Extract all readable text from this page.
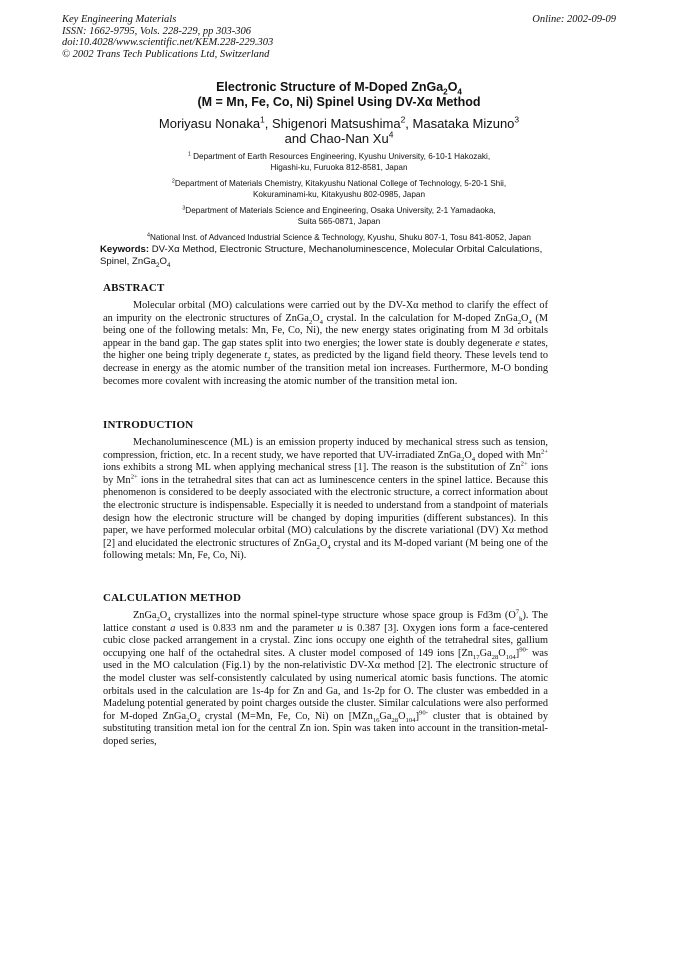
Key Engineering Materials
ISSN: 1662-9795, Vols. 228-229, pp 303-306
doi:10.4028/www.scientific.net/KEM.228-229.303
© 2002 Trans Tech Publications Ltd, Switzerland
Online: 2002-09-09
Electronic Structure of M-Doped $ZnGa_2O_4$
(M = Mn, Fe, Co, Ni) Spinel Using DV-Xα Method
Moriyasu Nonaka$^1$, Shigenori Matsushima$^2$, Masataka Mizuno$^3$
and Chao-Nan Xu$^4$
$^1$ Department of Earth Resources Engineering, Kyushu University, 6-10-1 Hakozaki,
Higashi-ku, Furuoka 812-8581, Japan
$^2$Department of Materials Chemistry, Kitakyushu National College of Technology, 5-20-1 Shii,
Kokuraminami-ku, Kitakyushu 802-0985, Japan
$^3$Department of Materials Science and Engineering, Osaka University, 2-1 Yamadaoka,
Suita 565-0871, Japan
$^4$National Inst. of Advanced Industrial Science & Technology, Kyushu, Shuku 807-1, Tosu 841-8052, Japan
Keywords: DV-Xα Method, Electronic Structure, Mechanoluminescence, Molecular Orbital Calculations, Spinel, $ZnGa_2O_4$
ABSTRACT

Molecular orbital (MO) calculations were carried out by the DV-Xα method to clarify the effect of an impurity on the electronic structures of $ZnGa_2O_4$ crystal. In the calculation for M-doped $ZnGa_2O_4$ (M being one of the following metals: Mn, Fe, Co, Ni), the new energy states originating from M 3d orbitals appear in the band gap. The gap states split into two energies; the lower state is doubly degenerate e states, the higher one being triply degenerate $t_2$ states, as predicted by the ligand field theory. These levels tend to decrease in energy as the atomic number of the transition metal ion increases. Furthermore, M-O bonding becomes more covalent with increasing the atomic number of the transition metal ion.

INTRODUCTION

Mechanoluminescence (ML) is an emission property induced by mechanical stress such as tension, compression, friction, etc. In a recent study, we have reported that UV-irradiated $ZnGa_2O_4$ doped with $Mn^{2+}$ ions exhibits a strong ML when applying mechanical stress [1]. The reason is the substitution of $Zn^{2+}$ ions by $Mn^{2+}$ ions in the tetrahedral sites that can act as luminescence centers in the spinel lattice. Because this phenomenon is considered to be deeply associated with the electronic structure, a correct information about the electronic structure is indispensable. Especially it is needed to understand from a standpoint of materials design how the electronic structure will be changed by doping impurities (different substances). In this paper, we have performed molecular orbital (MO) calculations by the discrete variational (DV) Xα method [2] and elucidated the electronic structures of $ZnGa_2O_4$ crystal and its M-doped variant (M being one of the following metals: Mn, Fe, Co, Ni).

CALCULATION METHOD

$ZnGa_2O_4$ crystallizes into the normal spinel-type structure whose space group is Fd3m $(O^7_h)$. The lattice constant a used is 0.833 nm and the parameter u is 0.387 [3]. Oxygen ions form a face-centered cubic close packed arrangement in a crystal. Zinc ions occupy one eighth of the tetrahedral sites, gallium occupying one half of the octahedral sites. A cluster model composed of 149 ions $[Zn_{17}Ga_{28}O_{104}]^{90-}$ was used in the MO calculation (Fig.1) by the non-relativistic DV-Xα method [2]. The electronic structure of the model cluster was self-consistently calculated by using numerical atomic basis functions. The atomic orbitals used in the calculation are 1s-4p for Zn and Ga, and 1s-2p for O. The cluster was embedded in a Madelung potential generated by point charges outside the cluster. Similar calculations were also performed for M-doped $ZnGa_2O_4$ crystal (M=Mn, Fe, Co, Ni) on $[MZn_{16}Ga_{28}O_{104}]^{90-}$ cluster that is obtained by substituting transition metal ion for the central Zn ion. Spin was taken into account in the transition-metal-doped series,
